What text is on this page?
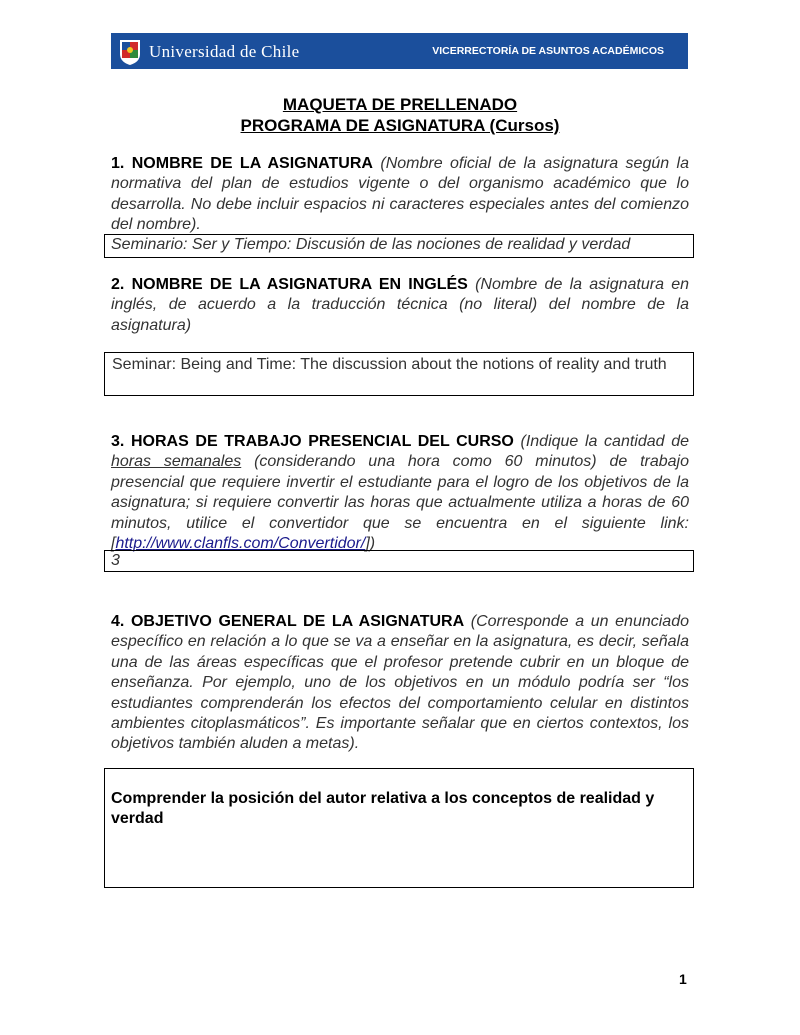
Universidad de Chile	VICERRECTORÍA DE ASUNTOS ACADÉMICOS
MAQUETA DE PRELLENADO
PROGRAMA DE ASIGNATURA (Cursos)
1. NOMBRE DE LA ASIGNATURA (Nombre oficial de la asignatura según la normativa del plan de estudios vigente o del organismo académico que lo desarrolla. No debe incluir espacios ni caracteres especiales antes del comienzo del nombre).
Seminario: Ser y Tiempo: Discusión de las nociones de realidad y verdad
2. NOMBRE DE LA ASIGNATURA EN INGLÉS (Nombre de la asignatura en inglés, de acuerdo a la traducción técnica (no literal) del nombre de la asignatura)
Seminar: Being and Time: The discussion about the notions of reality and truth
3. HORAS DE TRABAJO PRESENCIAL DEL CURSO (Indique la cantidad de horas semanales (considerando una hora como 60 minutos) de trabajo presencial que requiere invertir el estudiante para el logro de los objetivos de la asignatura; si requiere convertir las horas que actualmente utiliza a horas de 60 minutos, utilice el convertidor que se encuentra en el siguiente link: [http://www.clanfls.com/Convertidor/])
3
4. OBJETIVO GENERAL DE LA ASIGNATURA (Corresponde a un enunciado específico en relación a lo que se va a enseñar en la asignatura, es decir, señala una de las áreas específicas que el profesor pretende cubrir en un bloque de enseñanza. Por ejemplo, uno de los objetivos en un módulo podría ser “los estudiantes comprenderán los efectos del comportamiento celular en distintos ambientes citoplasmáticos”. Es importante señalar que en ciertos contextos, los objetivos también aluden a metas).
Comprender la posición del autor relativa a los conceptos de realidad y verdad
1
